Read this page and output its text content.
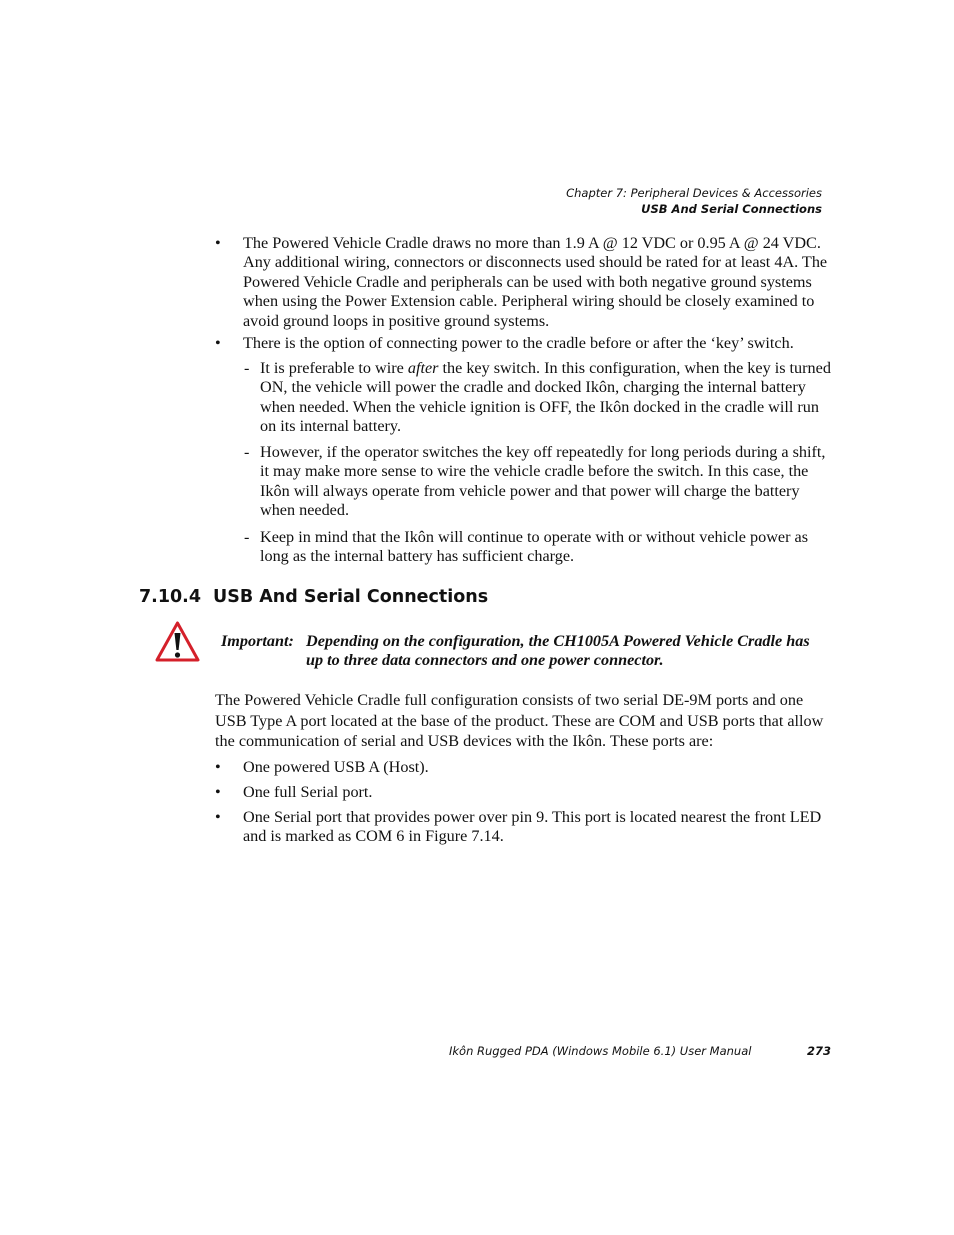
Chapter 7: Peripheral Devices & Accessories
USB And Serial Connections
• The Powered Vehicle Cradle draws no more than 1.9 A @ 12 VDC or 0.95 A @ 24 VDC. Any additional wiring, connectors or disconnects used should be rated for at least 4A. The Powered Vehicle Cradle and peripherals can be used with both negative ground systems when using the Power Extension cable. Peripheral wiring should be closely examined to avoid ground loops in positive ground systems.
• There is the option of connecting power to the cradle before or after the ‘key’ switch.
- It is preferable to wire after the key switch. In this configuration, when the key is turned ON, the vehicle will power the cradle and docked Ikôn, charging the internal battery when needed. When the vehicle ignition is OFF, the Ikôn docked in the cradle will run on its internal battery.
- However, if the operator switches the key off repeatedly for long periods during a shift, it may make more sense to wire the vehicle cradle before the switch. In this case, the Ikôn will always operate from vehicle power and that power will charge the battery when needed.
- Keep in mind that the Ikôn will continue to operate with or without vehicle power as long as the internal battery has sufficient charge.
7.10.4 USB And Serial Connections
Important: Depending on the configuration, the CH1005A Powered Vehicle Cradle has up to three data connectors and one power connector.
The Powered Vehicle Cradle full configuration consists of two serial DE-9M ports and one USB Type A port located at the base of the product. These are COM and USB ports that allow the communication of serial and USB devices with the Ikôn. These ports are:
• One powered USB A (Host).
• One full Serial port.
• One Serial port that provides power over pin 9. This port is located nearest the front LED and is marked as COM 6 in Figure 7.14.
Ikôn Rugged PDA (Windows Mobile 6.1) User Manual	273
